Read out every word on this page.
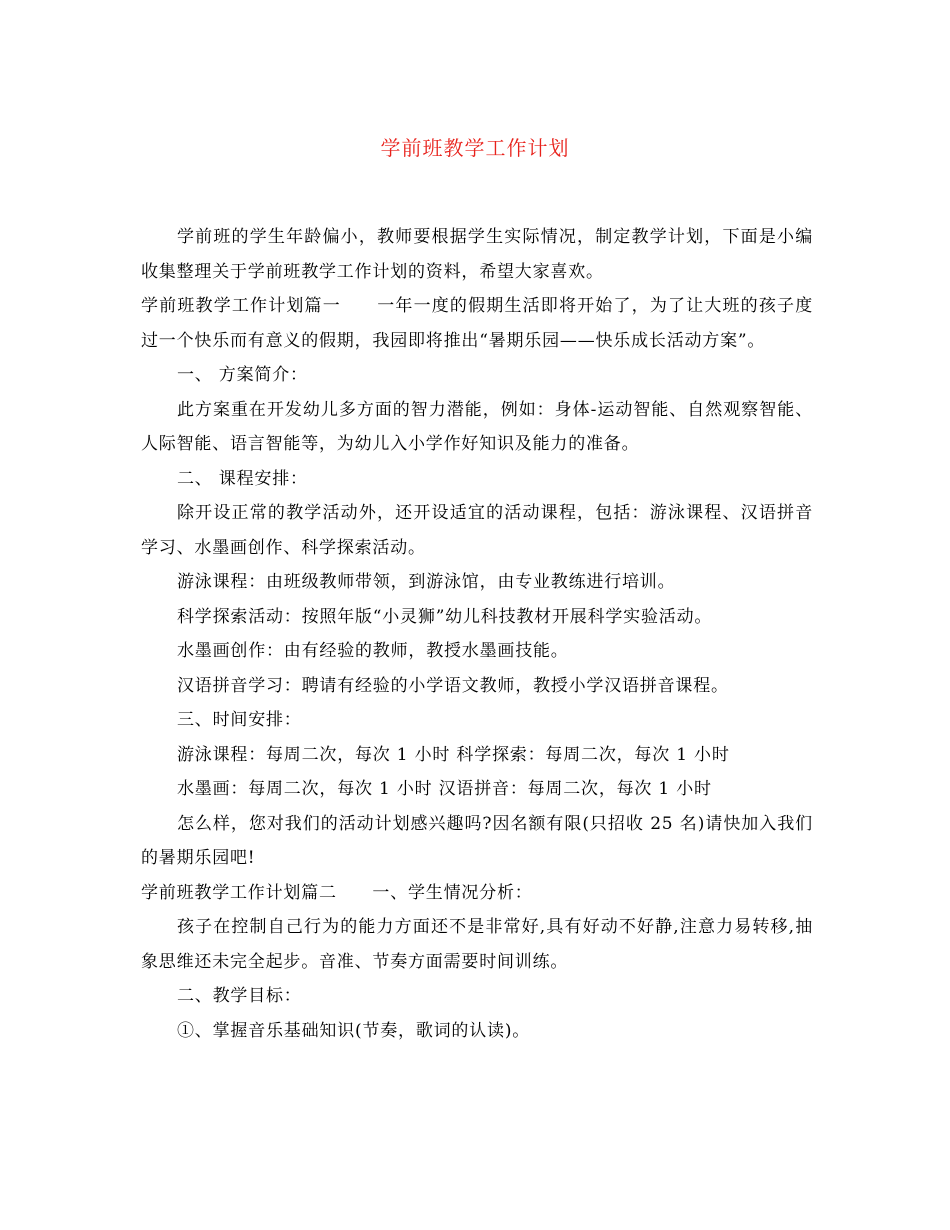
学前班教学工作计划

学前班的学生年龄偏小，教师要根据学生实际情况，制定教学计划，下面是小编收集整理关于学前班教学工作计划的资料，希望大家喜欢。

学前班教学工作计划篇一　　一年一度的假期生活即将开始了，为了让大班的孩子度过一个快乐而有意义的假期，我园即将推出“暑期乐园——快乐成长活动方案”。

一、 方案简介：

此方案重在开发幼儿多方面的智力潜能，例如：身体-运动智能、自然观察智能、人际智能、语言智能等，为幼儿入小学作好知识及能力的准备。

二、 课程安排：

除开设正常的教学活动外，还开设适宜的活动课程，包括：游泳课程、汉语拼音学习、水墨画创作、科学探索活动。

游泳课程：由班级教师带领，到游泳馆，由专业教练进行培训。

科学探索活动：按照年版“小灵狮”幼儿科技教材开展科学实验活动。

水墨画创作：由有经验的教师，教授水墨画技能。

汉语拼音学习：聘请有经验的小学语文教师，教授小学汉语拼音课程。

三、时间安排：

游泳课程：每周二次，每次 1 小时 科学探索：每周二次，每次 1 小时

水墨画：每周二次，每次 1 小时 汉语拼音：每周二次，每次 1 小时

怎么样，您对我们的活动计划感兴趣吗?因名额有限(只招收 25 名)请快加入我们的暑期乐园吧!

学前班教学工作计划篇二　　一、学生情况分析：

孩子在控制自己行为的能力方面还不是非常好,具有好动不好静,注意力易转移,抽象思维还未完全起步。音准、节奏方面需要时间训练。

二、教学目标：

①、掌握音乐基础知识(节奏，歌词的认读)。
